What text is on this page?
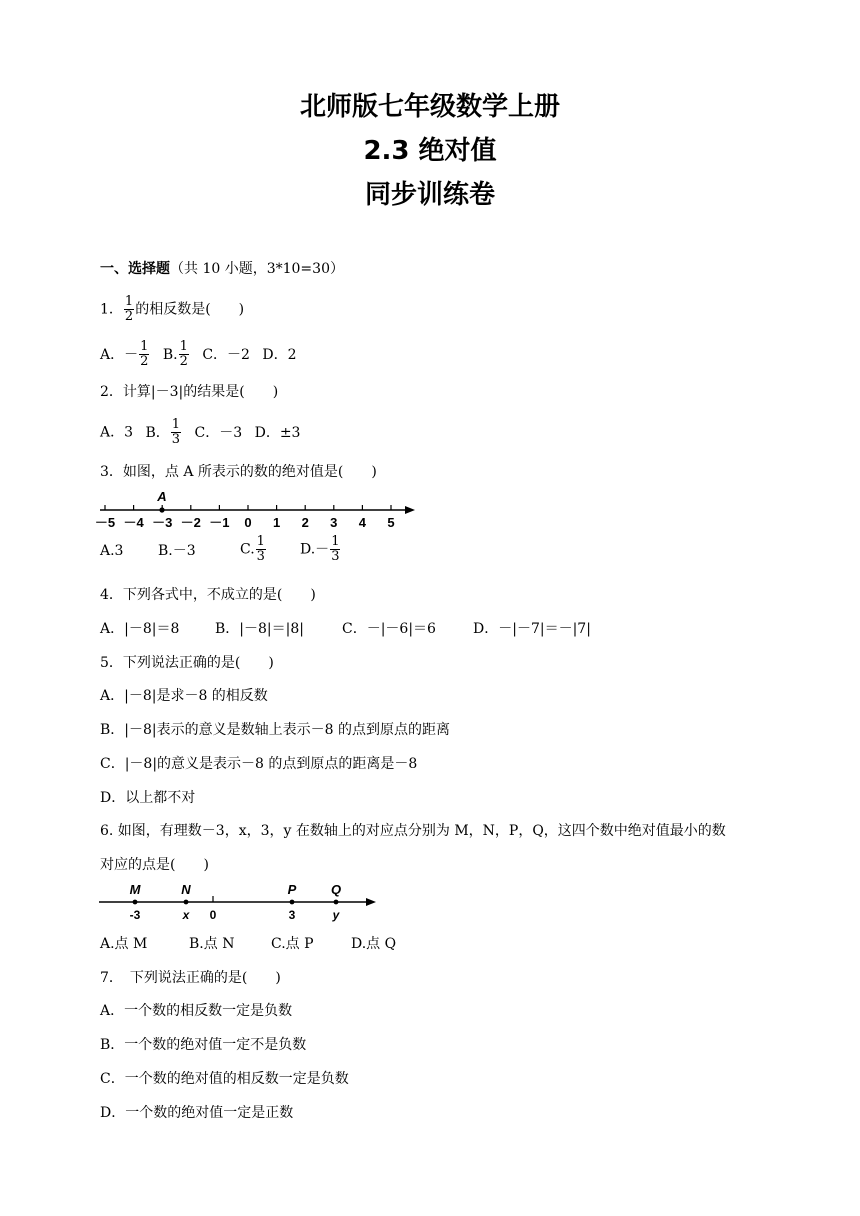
北师版七年级数学上册
2.3 绝对值
同步训练卷
一、选择题（共 10 小题，3*10=30）
1． $\frac{1}{2}$ 的相反数是(　　)
A．－ $\frac{1}{2} B$. $\frac{1}{2}$ C．－2 D．2
2．计算|－3|的结果是(　　)
A．3 B． $\frac{1}{3}$ C．－3 D．±3
3．如图，点 A 所表示的数的绝对值是(　　)
－5 －4 －3 －2 －1 0 1 2 3 4 5
A
A.3 B.－3	C. $\frac{1}{3} D.- \frac{1}{3}$
4．下列各式中，不成立的是(　　)
A．|－8|＝8	B．|－8|＝|8|	C．－|－6|＝6	D．－|－7|＝－|7|
5．下列说法正确的是(　　)
A．|－8|是求－8 的相反数
B．|－8|表示的意义是数轴上表示－8 的点到原点的距离
C．|－8|的意义是表示－8 的点到原点的距离是－8
D．以上都不对
6. 如图，有理数－3，x，3，y 在数轴上的对应点分别为 M，N，P，Q，这四个数中绝对值最小的数
对应的点是(　　)
M	N	P	Q
-3	x 0	3	y
A.点 M	B.点 N	C.点 P	D.点 Q
7．　下列说法正确的是(　　)
A．一个数的相反数一定是负数
B．一个数的绝对值一定不是负数
C．一个数的绝对值的相反数一定是负数
D．一个数的绝对值一定是正数
